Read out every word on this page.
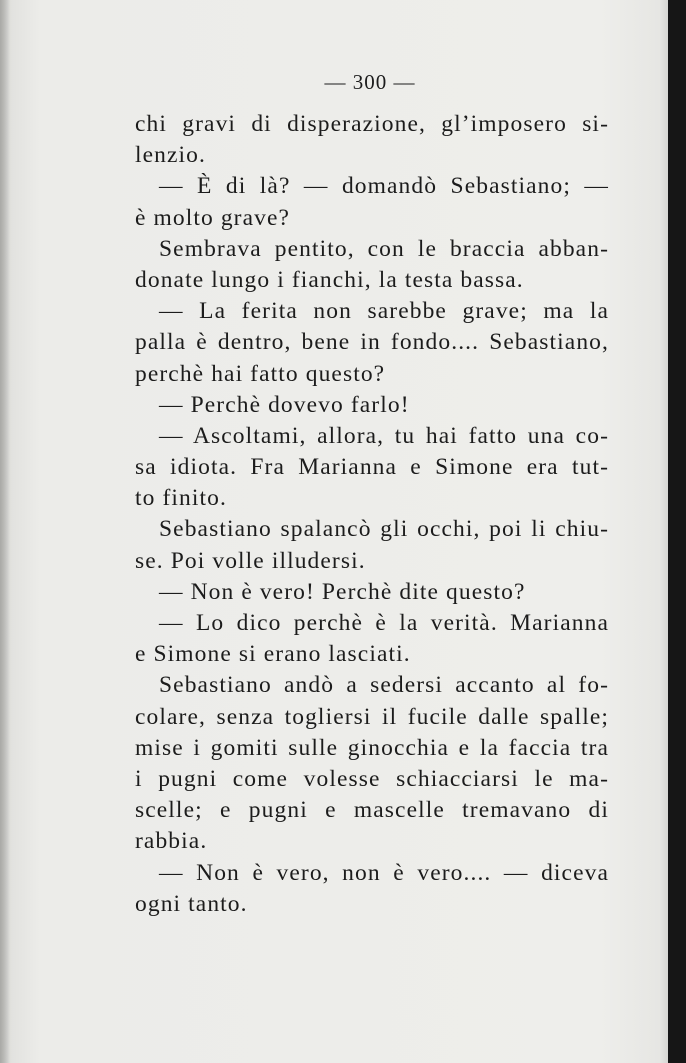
— 300 —
chi gravi di disperazione, gl’imposero si-
lenzio.
— È di là? — domandò Sebastiano; —
è molto grave?
Sembrava pentito, con le braccia abban-
donate lungo i fianchi, la testa bassa.
— La ferita non sarebbe grave; ma la
palla è dentro, bene in fondo.... Sebastiano,
perchè hai fatto questo?
— Perchè dovevo farlo!
— Ascoltami, allora, tu hai fatto una co-
sa idiota. Fra Marianna e Simone era tut-
to finito.
Sebastiano spalancò gli occhi, poi li chiu-
se. Poi volle illudersi.
— Non è vero! Perchè dite questo?
— Lo dico perchè è la verità. Marianna
e Simone si erano lasciati.
Sebastiano andò a sedersi accanto al fo-
colare, senza togliersi il fucile dalle spalle;
mise i gomiti sulle ginocchia e la faccia tra
i pugni come volesse schiacciarsi le ma-
scelle; e pugni e mascelle tremavano di
rabbia.
— Non è vero, non è vero.... — diceva
ogni tanto.
